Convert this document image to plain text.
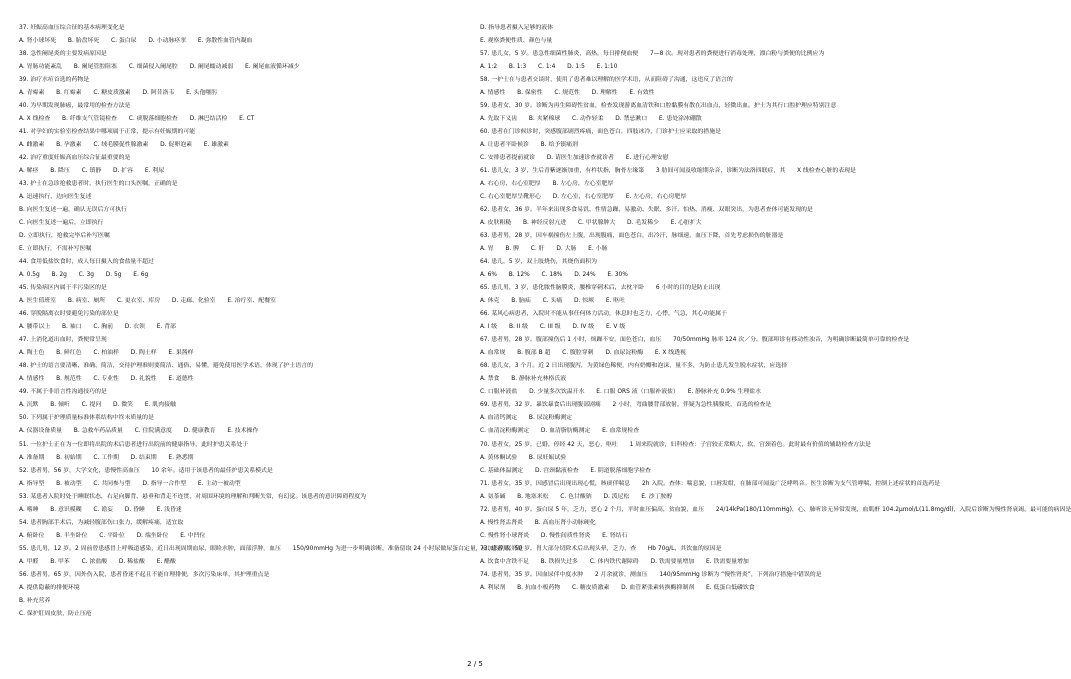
37. 妊娠高血压综合征的基本病理变化是
A. 肾小球坏死　　B. 胎盘坏死　　C. 蛋白尿　　D. 小动脉痉挛　　E. 弥散性血管内凝血
38. 急性阑尾炎的主要发病原因是
A. 胃肠功能紊乱　　B. 阑尾管腔阻塞　　C. 细菌侵入阑尾腔　　D. 阑尾蠕动减弱　　E. 阑尾血液循环减少
39. 治疗水痘首选的药物是
A. 青霉素　　B. 红霉素　　C. 糖皮质激素　　D. 阿昔洛韦　　E. 头孢噻肟
40. 为早期发现肺癌，最常用的检查方法是
A. X 线检查　　B. 纤维支气管镜检查　　C. 痰脱落细胞检查　　D. 淋巴结活检　　E. CT
41. 对孕妇的实验室检查结果中哪项属于正常，提示有妊娠期的可能
A. 雌激素　　B. 孕激素　　C. 绒毛膜促性腺激素　　D. 促卵泡素　　E. 雄激素
42. 治疗重度妊娠高血压综合征最重要的是
A. 解痉　　B. 降压　　C. 镇静　　D. 扩容　　E. 利尿
43. 护士在急诊抢救患者时，执行医生的口头医嘱，正确的是
A. 迅速执行，边向医生复述
B. 向医生复述一遍，确认无误后方可执行
C. 向医生复述一遍后，立即执行
D. 立即执行，抢救完毕后补写医嘱
E. 立即执行，不需补写医嘱
44. 食用低盐饮食时，成人每日摄入的食盐量不超过
A. 0.5g　　B. 2g　　C. 3g　　D. 5g　　E. 6g
45. 传染病区内属于半污染区的是
A. 医生值班室　　B. 病室、厕所　　C. 更衣室、库房　　D. 走廊、化验室　　E. 治疗室、配餐室
46. 穿脱隔离衣时要避免污染的部位是
A. 腰带以上　　B. 袖口　　C. 胸前　　D. 衣领　　E. 背部
47. 上消化道出血时，粪便常呈现
A. 陶土色　　B. 鲜红色　　C. 柏油样　　D. 陶土样　　E. 果酱样
48. 护士的语言要清晰、准确、简洁，交待护理准则要简洁、通俗、易懂，避免使用医学术语，体现了护士语言的
A. 情感性　　B. 规范性　　C. 专业性　　D. 礼貌性　　E. 道德性
49. 不属于非语言性沟通技巧的是
A. 沉默　　B. 倾听　　C. 提问　　D. 微笑　　E. 肌肉接触
50. 下列属于护理质量标准体系结构中终末质量的是
A. 仪器设备质量　　B. 急救车药品质量　　C. 住院满意度　　D. 健康教育　　E. 技术操作
51. 一位护士正在为一位即将出院的术后患者进行出院前的健康指导，此时护患关系处于
A. 准备期　　B. 初始期　　C. 工作期　　D. 结束期　　E. 熟悉期
52. 患者男，56 岁，大学文化，患慢性高血压　　10 余年。适用于该患者的最佳护患关系模式是
A. 指导型　　B. 被动型　　C. 共同参与型　　D. 指导一合作型　　E. 主动一被动型
53. 某患者入院时处于睡眠状态，右足向脚背、悬垂和背走不连贯，对周围环境的理解和判断失常，有幻觉。该患者的意识障碍程度为
A. 嗜睡　　B. 意识模糊　　C. 谵妄　　D. 昏睡　　E. 浅昏迷
54. 患者胸部手术后，为减轻腹部伤口张力，缓解疼痛，适宜取
A. 俯卧位　　B. 半坐卧位　　C. 平卧位　　D. 端坐卧位　　E. 中凹位
55. 患儿男，12 岁。2 周前曾患感冒上呼吸道感染，近日出现周期血尿，眼睑水肿，面部浮肿，血压　　150/90mmHg 为进一步明确诊断，准备留取 24 小时尿做尿蛋白定量，应加的防腐剂是
A. 甲醛　　B. 甲苯　　C. 浓盐酸　　D. 稀盐酸　　E. 醋酸
56. 患者男，65 岁，因外伤入院，患者昏迷不起且不能自理排便，多次污染床单，其护理重点是
A. 提供隐蔽的排便环境
B. 补充营养
C. 保护肛周皮肤，防止压疮
D. 指导患者摄入足够的液体
E. 观察粪便性质、颜色与量
57. 患儿女，5 岁。患急性细菌性肺炎，高热，每日排便血便　　7—8 次。现对患者的粪便进行消毒处理，漂白粉与粪便的比例应为
A. 1:2　　B. 1:3　　C. 1:4　　D. 1:5　　E. 1:10
58. 一护士在与患者交谈时，使用了患者难以理解的医学术语，从而阻碍了沟通，这违反了语言的
A. 情感性　　B. 保密性　　C. 规范性　　D. 理解性　　E. 有效性
59. 患者女，30 岁。诊断为再生障碍性贫血，检查发现游离血清铁和口腔黏膜有散在出血点，轻微出血。护士为其行口腔护理应特别注意
A. 先取下义齿　　B. 夹紧棉球　　C. 动作轻柔　　D. 禁忌漱口　　E. 患处涂冰硼散
60. 患者在门诊候诊时，突感腹部剧烈疼痛，面色苍白，四肢冰冷，门诊护士应采取的措施是
A. 让患者平卧候诊　　B. 给予镇痛剂
C. 安排患者提前就诊　　D. 请医生加速诊查就诊者　　E. 进行心理安慰
61. 患儿女，3 岁，生后青紫逐渐加重，有杵状指，胸骨左缘第　　3 肋间可闻及收缩期杂音，诊断为法洛四联症，其　　X 线检查心脏的表现是
A. 右心房，右心室肥厚　　B. 左心房，左心室肥厚
C. 右心室肥厚呈靴形心　　D. 左心室，右心室肥厚　　E. 左心房，右心房肥厚
62. 患者女，36 岁。半年来出现多食易饥、性情急躁、易激动、失眠、多汗、怕热、消瘦、双眼突出，为患者查体可能发现的是
A. 皮肤粗糙　　B. 神经反射亢进　　C. 甲状腺肿大　　D. 毛发稀少　　E. 心脏扩大
63. 患者男，28 岁，因车祸撞伤左上腹，出现腹痛，面色苍白，出冷汗，脉细速，血压下降，首先考虑损伤的脏器是
A. 胃　　B. 脾　　C. 肝　　D. 大肠　　E. 小肠
64. 患儿，5 岁，双上肢烧伤，其烧伤面积为
A. 6%　　B. 12%　　C. 18%　　D. 24%　　E. 30%
65. 患儿男，3 岁，患化脓性脑膜炎，腰椎穿刺术后，去枕平卧　　6 小时的目的是防止出现
A. 休克　　B. 脑疝　　C. 头痛　　D. 惊厥　　E. 呕吐
66. 某风心病患者，入院时不能从事任何体力活动，休息时也乏力，心悸，气急，其心功能属于
A. I 级　　B. II 级　　C. III 级　　D. IV 级　　E. V 级
67. 患者男，28 岁。腹部撞伤后 1 小时，烦躁不安，面色苍白，血压　　70/50mmHg 脉率 124 次／分，腹部叩诊有移动性浊音，为明确诊断最简单可靠的检查是
A. 血常规　　B. 腹部 B 超　　C. 腹腔穿刺　　D. 血尿淀粉酶　　E. X 线透视
68. 患儿女，3 个月。近 2 日出现腹泻，为黄绿色稀便，内有奶瓣和泡沫，量不多，为防止患儿发生脱水症状，应选择
A. 禁食　　B. 静脉补充林格氏液
C. 口服补液盐　　D. 少量多次饮温开水　　E. 口服 ORS 液（口服补液盐）　　E. 静脉补充 0.9% 生理盐水
69. 患者男，32 岁。暴饮暴食后出现腹部剧痛　　2 小时，弯曲腰背部放射，伴疑为急性胰腺炎，首选的检查是
A. 血清钙测定　　B. 尿淀粉酶测定
C. 血清淀粉酶测定　　D. 血清脂肪酶测定　　E. 血常规检查
70. 患者女，25 岁，已婚。停经 42 天，恶心，呕吐　　1 周来院就诊，妇科检查：子宫较正常略大，软，宫颈着色。此时最有价值的辅助检查方法是
A. 黄体酮试验　　B. 尿妊娠试验
C. 基础体温测定　　D. 宫颈黏液检查　　E. 阴道脱落细胞学检查
71. 患者女，35 岁，因感冒后出现出现心慌，咳痰伴喘息　　2h 入院。查体：喘息貌，口唇发绀，在肺部可闻及广泛哮鸣音。医生诊断为支气管哮喘，控制上述症状的首选药是
A. 氨茶碱　　B. 地塞米松　　C. 色甘酸钠　　D. 泼尼松　　E. 沙丁胺醇
72. 患者男，40 岁。蛋白尿 5 年，乏力，恶心 2 个月，平时血压偏高，贫血貌，血压　　24/14kPa(180/110mmHg)，心、肺听诊无异常发现，血肌酐 104.2μmol/L(11.8mg/dl)，入院后诊断为慢性肾衰竭。最可能的病因是
A. 慢性肾盂肾炎　　B. 高血压肾小动脉硬化
C. 慢性肾小球肾炎　　D. 慢性间质性肾炎　　E. 肾结石
73. 患者男，50 岁。胃大部分切除术后出现头晕，乏力，查　　Hb 70g/L，其饮血的原因是
A. 饮食中含铁不足　　B. 铁损失过多　　C. 体内铁代谢障碍　　D. 铁需要量增加　　E. 铁需要量增加
74. 患者男，35 岁。因血尿伴中度水肿　　2 月余就诊，测血压　　140/95mmHg 诊断为 “慢性肾炎”，下列治疗措施中错误的是
A. 利尿剂　　B. 抗血小板药物　　C. 糖皮质激素　　D. 血管紧张素转换酶抑制剂　　E. 低蛋白低磷饮食
2 / 5
